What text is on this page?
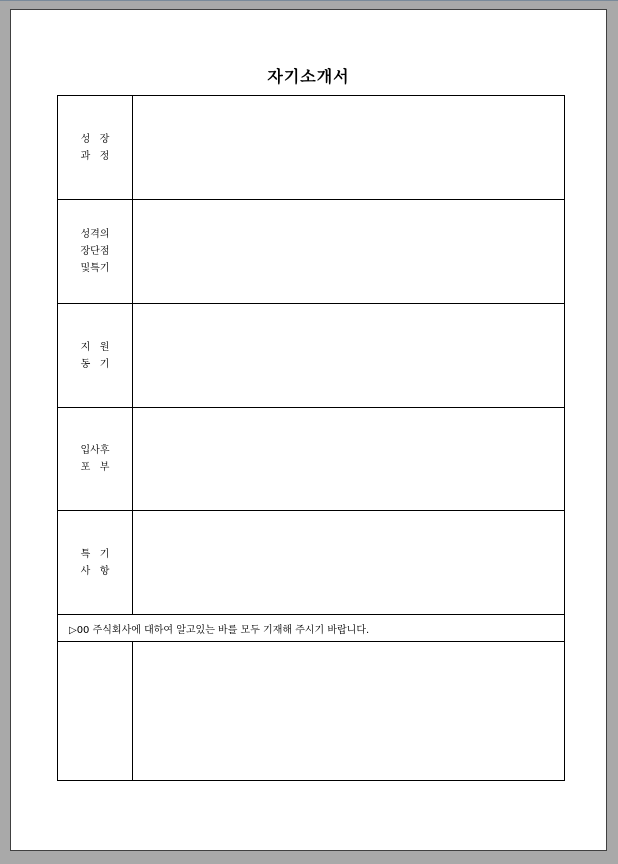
자기소개서
성   장
과   정
성격의
장단점
및특기
지   원
동   기
입사후
포   부
특   기
사   항
▷00 주식회사에 대하여 알고있는 바를 모두 기재해 주시기 바랍니다.
